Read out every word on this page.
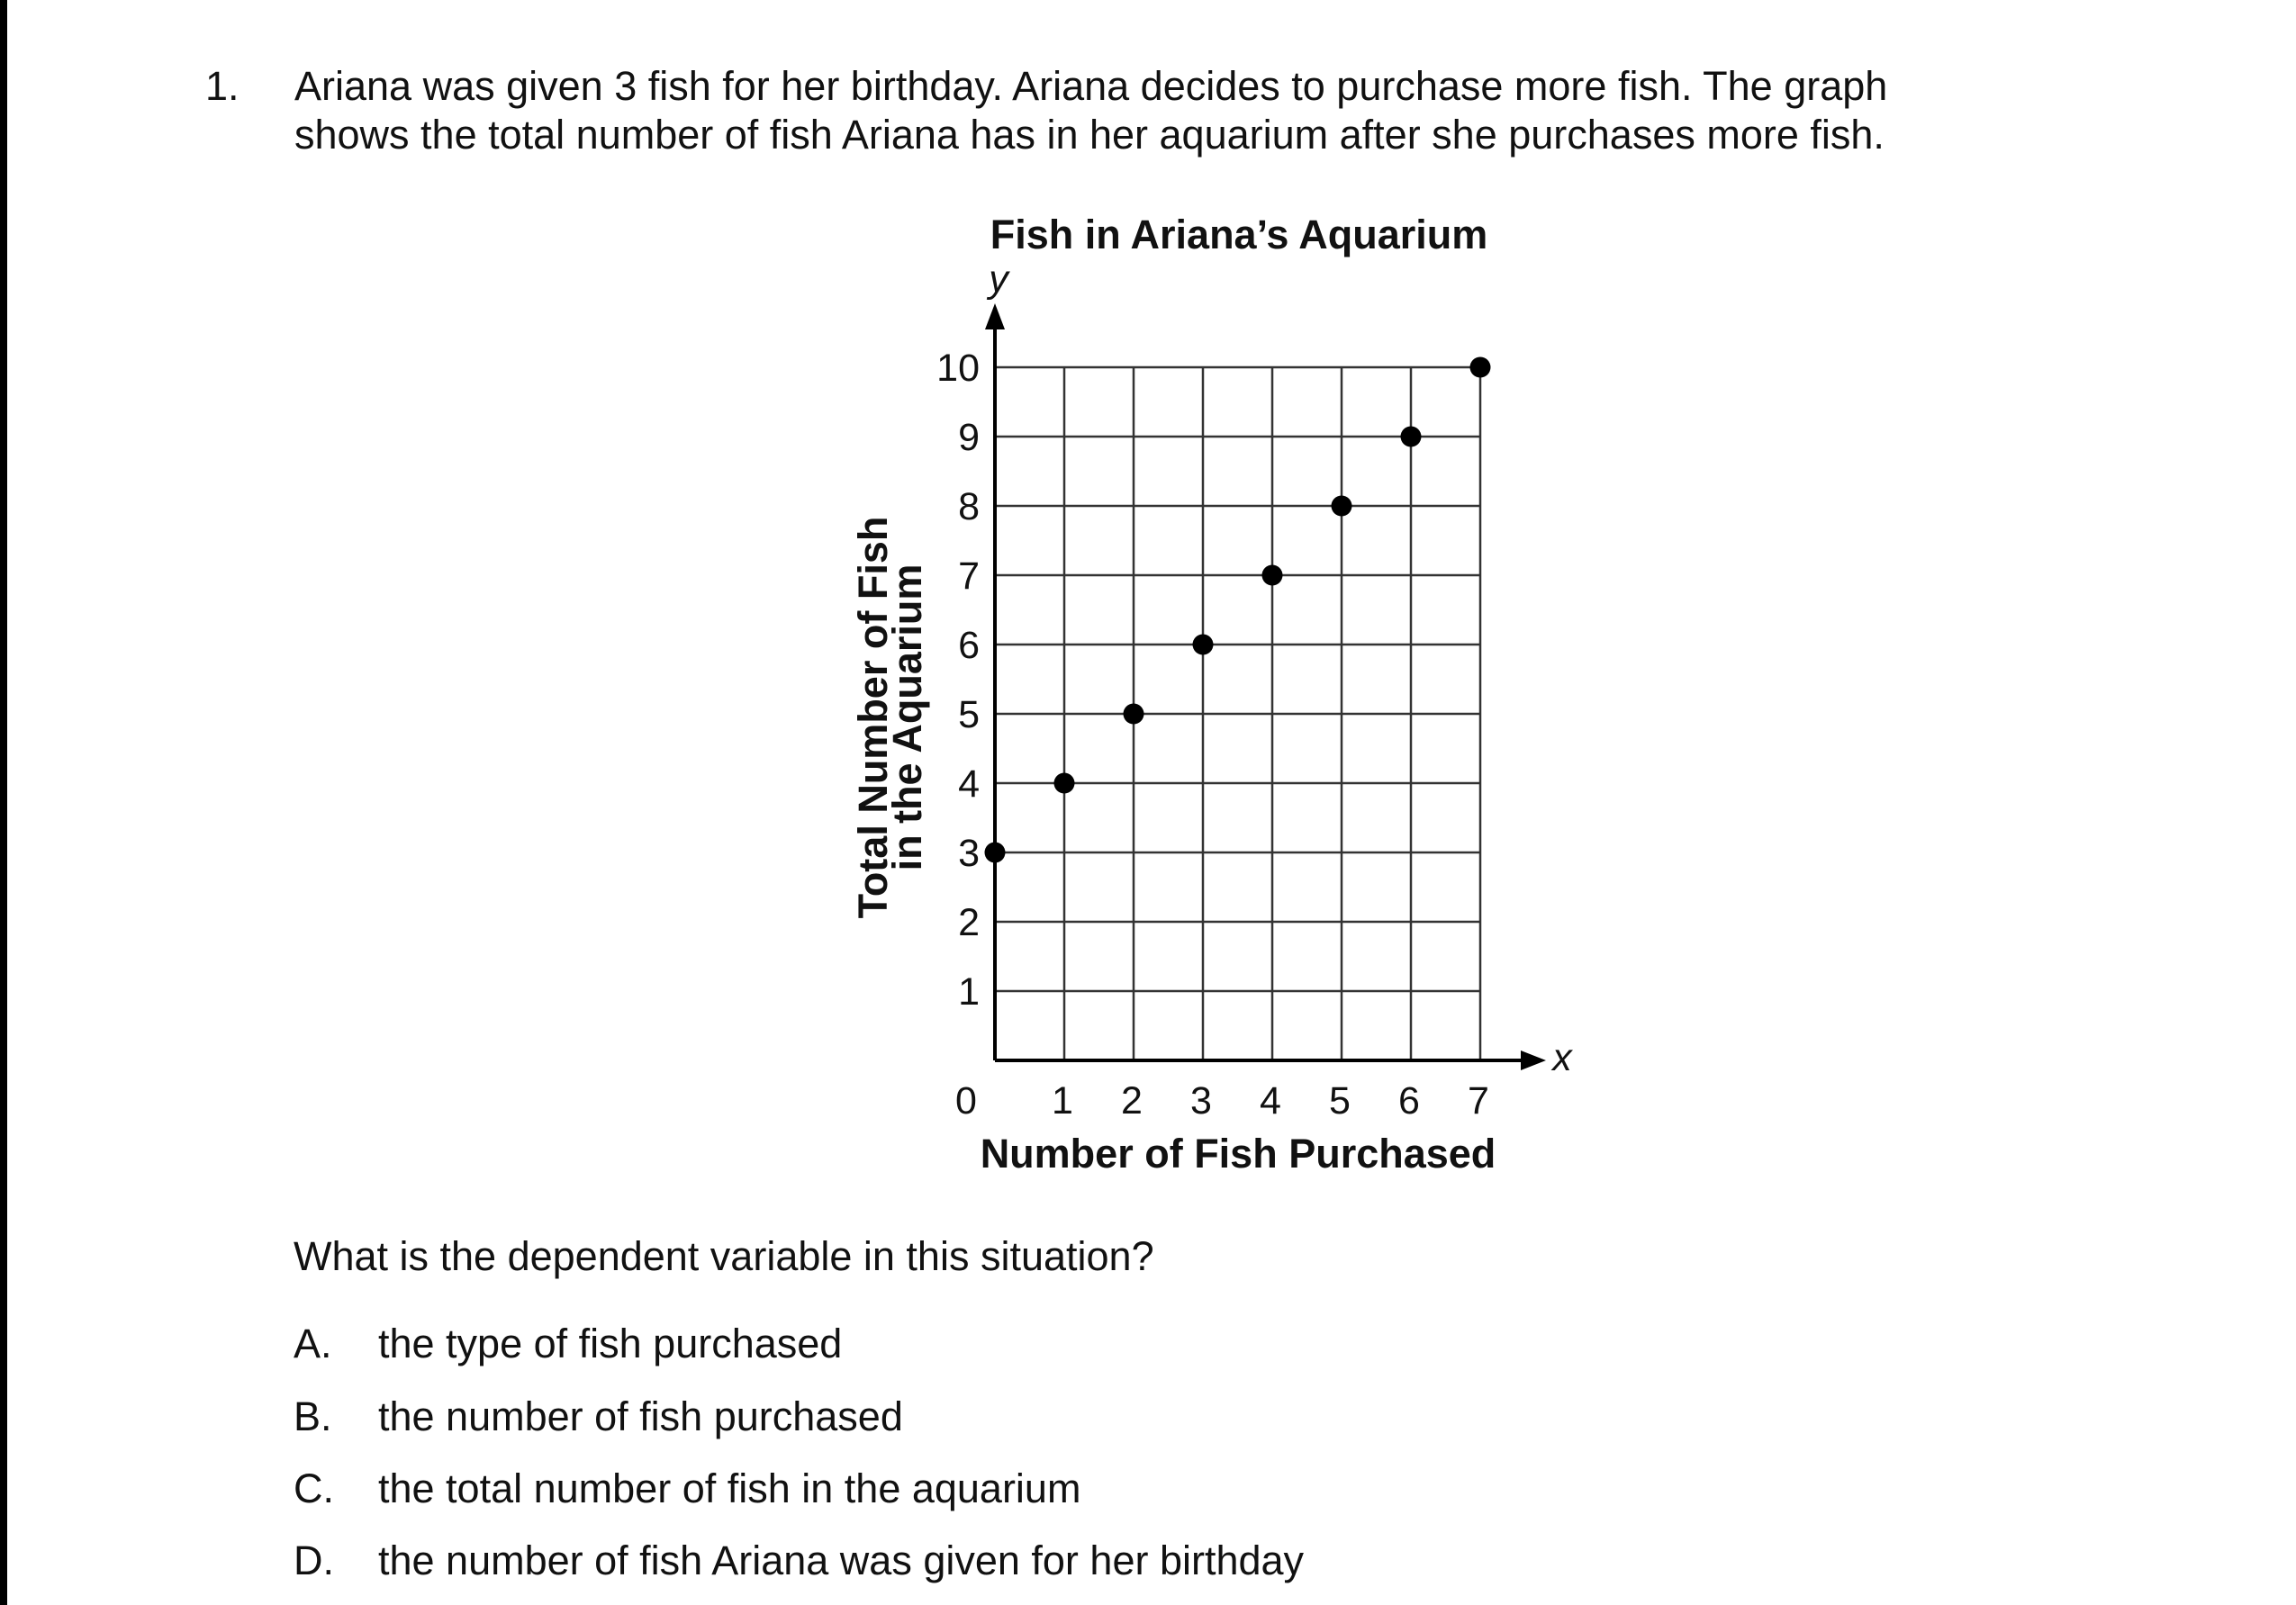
1. Ariana was given 3 fish for her birthday. Ariana decides to purchase more fish. The graph
shows the total number of fish Ariana has in her aquarium after she purchases more fish.
Fish in Ariana’s Aquarium
y
x
0
Number of Fish Purchased
Total Number of Fish
in the Aquarium
1 2 3 4 5 6 7
1
2
3
4
5
6
7
8
9
10
What is the dependent variable in this situation?
A. the type of fish purchased
B. the number of fish purchased
C. the total number of fish in the aquarium
D. the number of fish Ariana was given for her birthday
